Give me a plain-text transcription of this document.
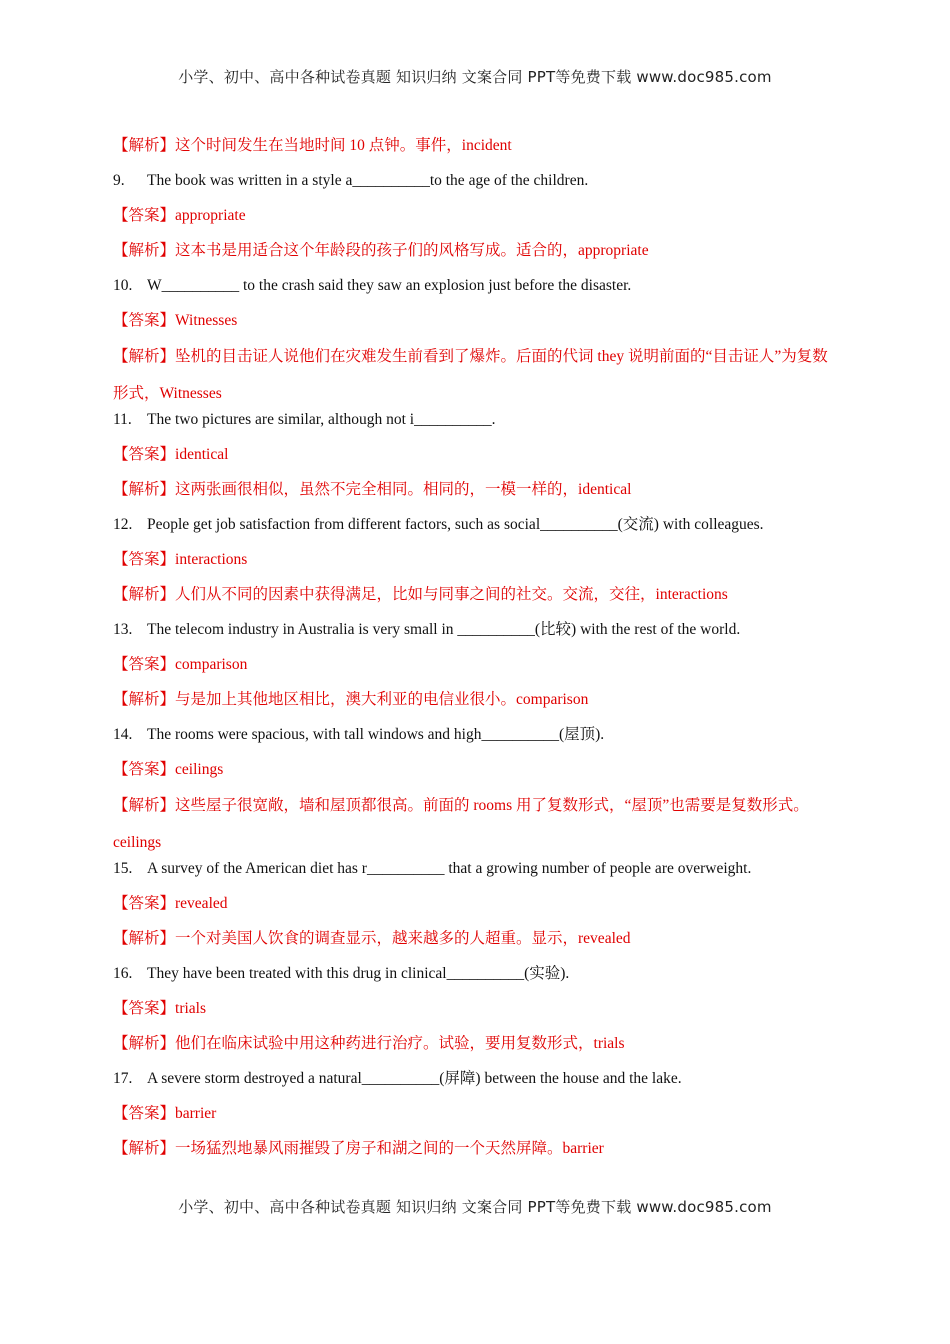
小学、初中、高中各种试卷真题 知识归纳 文案合同 PPT等免费下载 www.doc985.com
【解析】这个时间发生在当地时间 10 点钟。事件，incident
9. The book was written in a style a__________to the age of the children.
【答案】appropriate
【解析】这本书是用适合这个年龄段的孩子们的风格写成。适合的，appropriate
10. W__________ to the crash said they saw an explosion just before the disaster.
【答案】Witnesses
【解析】坠机的目击证人说他们在灾难发生前看到了爆炸。后面的代词 they 说明前面的“目击证人”为复数形式，Witnesses
11. The two pictures are similar, although not i__________.
【答案】identical
【解析】这两张画很相似，虽然不完全相同。相同的，一模一样的，identical
12. People get job satisfaction from different factors, such as social__________(交流) with colleagues.
【答案】interactions
【解析】人们从不同的因素中获得满足，比如与同事之间的社交。交流，交往，interactions
13. The telecom industry in Australia is very small in __________(比较) with the rest of the world.
【答案】comparison
【解析】与是加上其他地区相比，澳大利亚的电信业很小。comparison
14. The rooms were spacious, with tall windows and high__________(屋顶).
【答案】ceilings
【解析】这些屋子很宽敞，墙和屋顶都很高。前面的 rooms 用了复数形式，“屋顶”也需要是复数形式。ceilings
15. A survey of the American diet has r__________ that a growing number of people are overweight.
【答案】revealed
【解析】一个对美国人饮食的调查显示，越来越多的人超重。显示，revealed
16. They have been treated with this drug in clinical__________(实验).
【答案】trials
【解析】他们在临床试验中用这种药进行治疗。试验，要用复数形式，trials
17. A severe storm destroyed a natural__________(屏障) between the house and the lake.
【答案】barrier
【解析】一场猛烈地暴风雨摧毁了房子和湖之间的一个天然屏障。barrier
小学、初中、高中各种试卷真题 知识归纳 文案合同 PPT等免费下载 www.doc985.com
